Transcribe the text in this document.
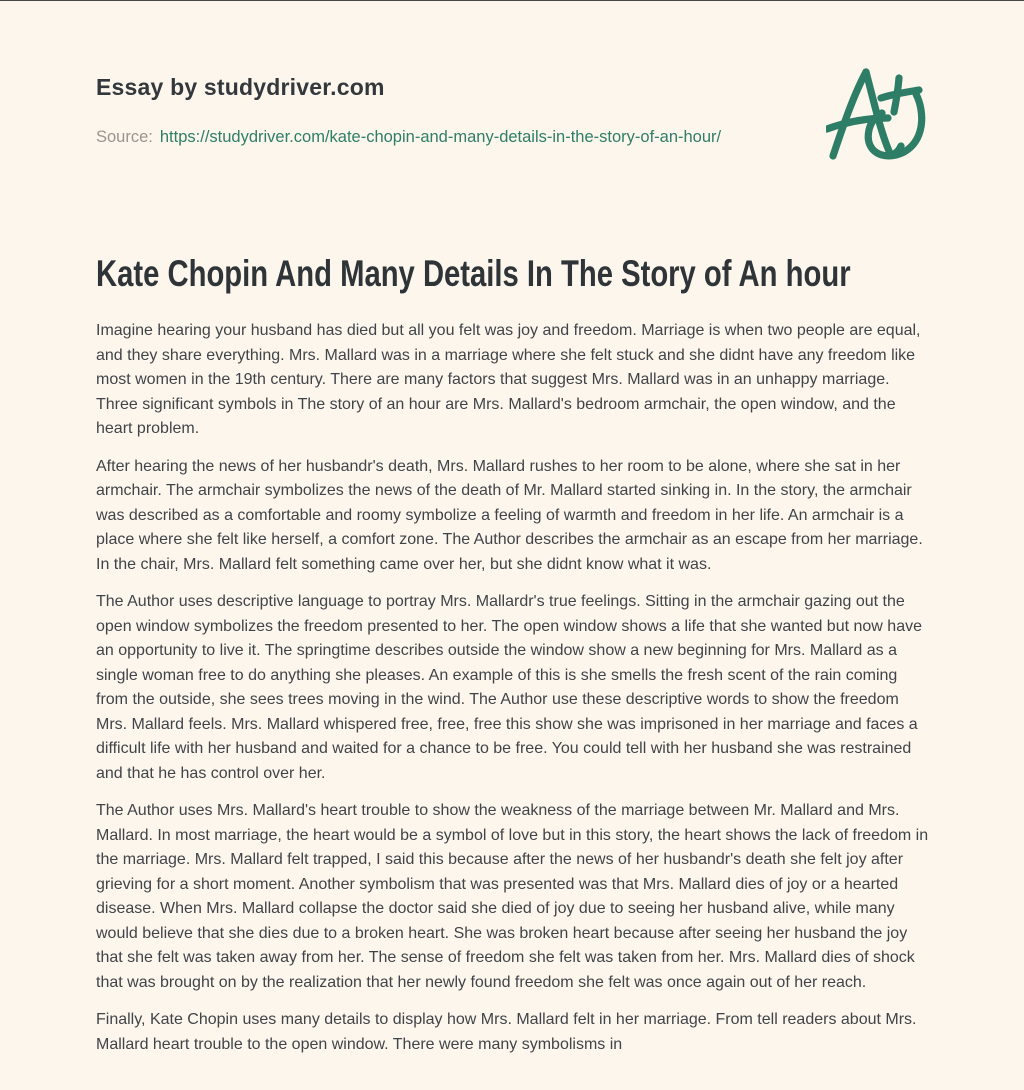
Essay by studydriver.com

Source: https://studydriver.com/kate-chopin-and-many-details-in-the-story-of-an-hour/

Kate Chopin And Many Details In The Story of An hour

Imagine hearing your husband has died but all you felt was joy and freedom. Marriage is when two people are equal, and they share everything. Mrs. Mallard was in a marriage where she felt stuck and she didnt have any freedom like most women in the 19th century. There are many factors that suggest Mrs. Mallard was in an unhappy marriage. Three significant symbols in The story of an hour are Mrs. Mallard's bedroom armchair, the open window, and the heart problem.

After hearing the news of her husbandr's death, Mrs. Mallard rushes to her room to be alone, where she sat in her armchair. The armchair symbolizes the news of the death of Mr. Mallard started sinking in. In the story, the armchair was described as a comfortable and roomy symbolize a feeling of warmth and freedom in her life. An armchair is a place where she felt like herself, a comfort zone. The Author describes the armchair as an escape from her marriage. In the chair, Mrs. Mallard felt something came over her, but she didnt know what it was.

The Author uses descriptive language to portray Mrs. Mallardr's true feelings. Sitting in the armchair gazing out the open window symbolizes the freedom presented to her. The open window shows a life that she wanted but now have an opportunity to live it. The springtime describes outside the window show a new beginning for Mrs. Mallard as a single woman free to do anything she pleases. An example of this is she smells the fresh scent of the rain coming from the outside, she sees trees moving in the wind. The Author use these descriptive words to show the freedom Mrs. Mallard feels. Mrs. Mallard whispered free, free, free this show she was imprisoned in her marriage and faces a difficult life with her husband and waited for a chance to be free. You could tell with her husband she was restrained and that he has control over her.

The Author uses Mrs. Mallard's heart trouble to show the weakness of the marriage between Mr. Mallard and Mrs. Mallard. In most marriage, the heart would be a symbol of love but in this story, the heart shows the lack of freedom in the marriage. Mrs. Mallard felt trapped, I said this because after the news of her husbandr's death she felt joy after grieving for a short moment. Another symbolism that was presented was that Mrs. Mallard dies of joy or a hearted disease. When Mrs. Mallard collapse the doctor said she died of joy due to seeing her husband alive, while many would believe that she dies due to a broken heart. She was broken heart because after seeing her husband the joy that she felt was taken away from her. The sense of freedom she felt was taken from her. Mrs. Mallard dies of shock that was brought on by the realization that her newly found freedom she felt was once again out of her reach.

Finally, Kate Chopin uses many details to display how Mrs. Mallard felt in her marriage. From tell readers about Mrs. Mallard heart trouble to the open window. There were many symbolisms in
